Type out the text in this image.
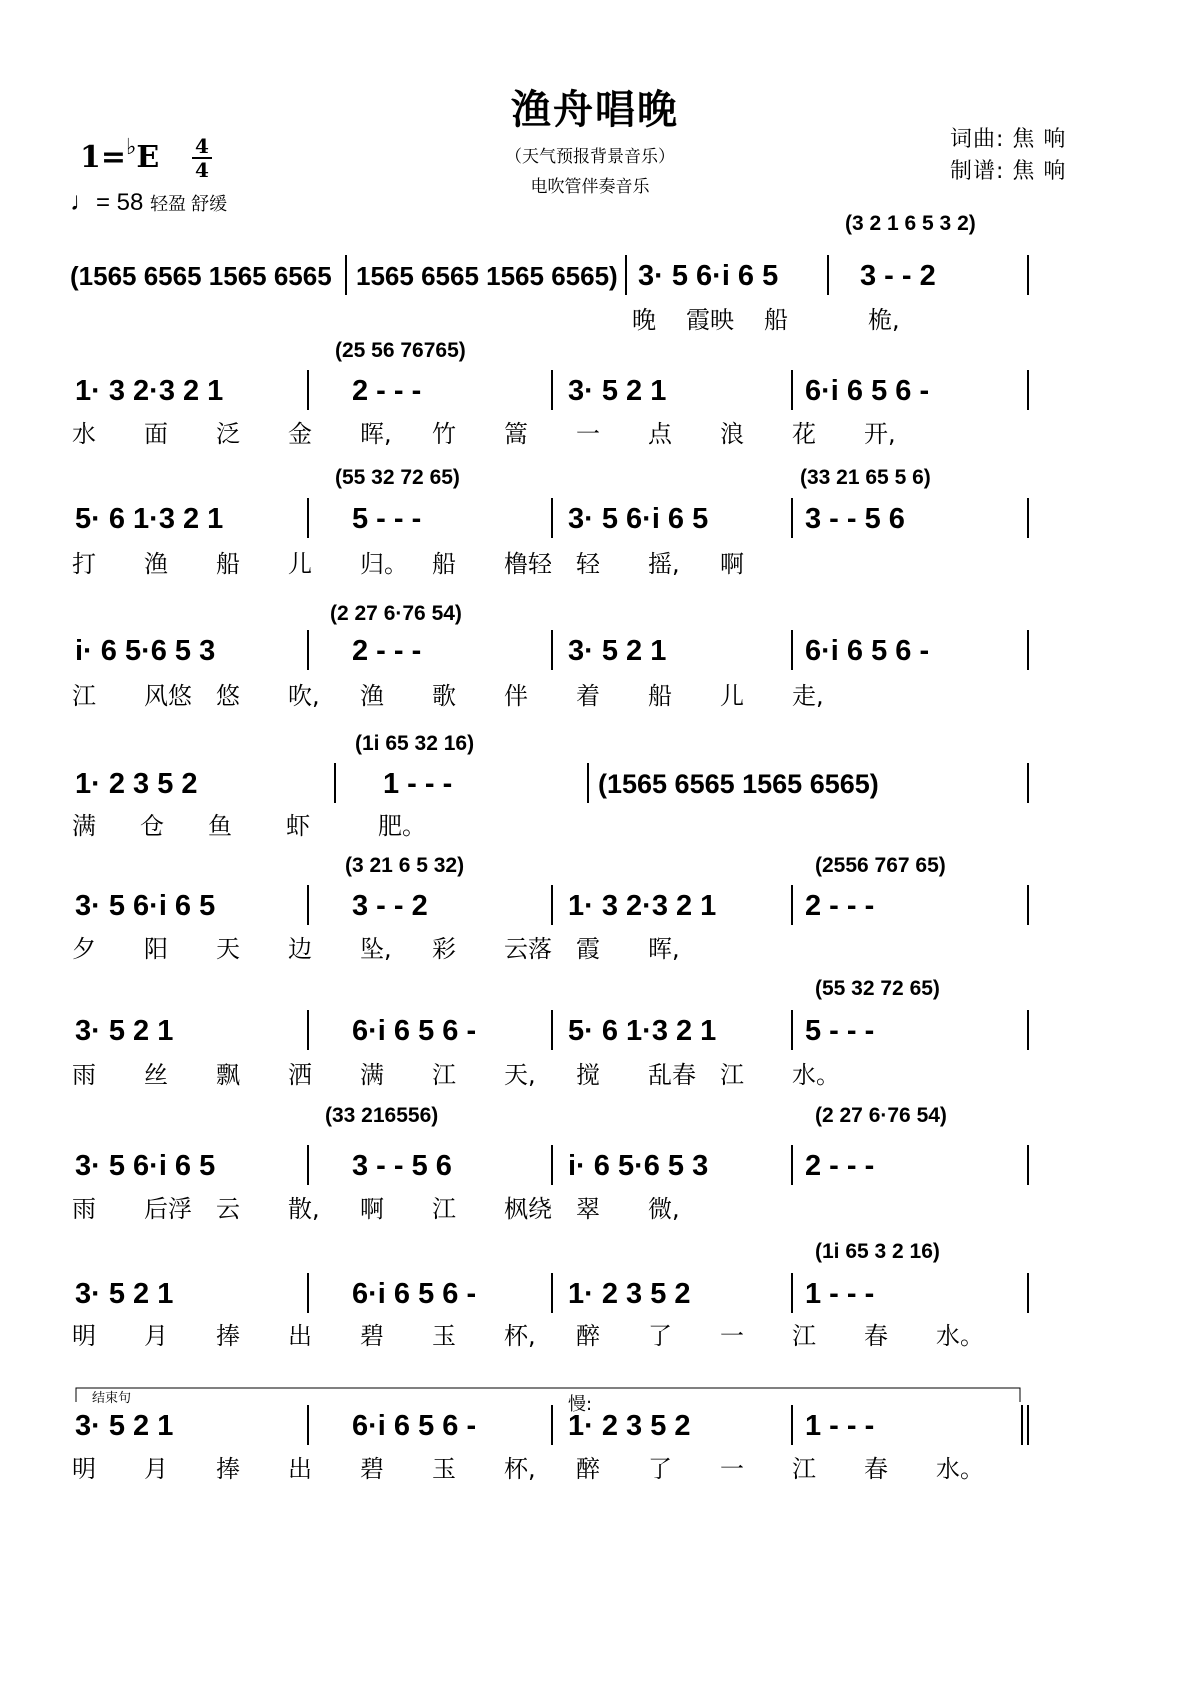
渔舟唱晚
1=♭E 4
4
♩= 58 轻盈 舒缓
（天气预报背景音乐）
电吹管伴奏音乐
词曲: 焦 响
制谱: 焦 响
(1565 6565 1565 6565 1565 6565 1565 6565) 3· 5 6·i 6 5	3 - - 2
(3 2 1 6 5 3 2)
晚 霞映 船	桅,
1· 3 2·3 2 1	2 - - -	3· 5 2 1	6·i 6 5 6 -
(25 56 76765)
水 面 泛 金 晖, 竹 篙 一 点 浪 花 开,
5· 6 1·3 2 1	5 - - -	3· 5 6·i 6 5	3 - - 5 6
(55 32 72 65)	(33 21 65 5 6)
打 渔 船 儿 归。 船 橹轻 轻 摇, 啊
i· 6 5·6 5 3	2 - - -	3· 5 2 1	6·i 6 5 6 -
(2 27 6·76 54)
江 风悠 悠 吹, 渔 歌 伴 着 船 儿 走,
1· 2 3 5 2	1 - - -	(1565 6565 1565 6565)
(1i 65 32 16)
满 仓 鱼 虾	肥。
3· 5 6·i 6 5	3 - - 2	1· 3 2·3 2 1	2 - - -
(3 21 6 5 32)	(2556 767 65)
夕 阳 天 边 坠, 彩 云落 霞 晖,
3· 5 2 1	6·i 6 5 6 -	5· 6 1·3 2 1	5 - - -
(55 32 72 65)
雨 丝 飘 洒 满 江 天, 搅 乱春 江 水。
3· 5 6·i 6 5	3 - - 5 6	i· 6 5·6 5 3	2 - - -
(33 216556)	(2 27 6·76 54)
雨 后浮 云 散, 啊 江 枫绕 翠 微,
3· 5 2 1	6·i 6 5 6 -	1· 2 3 5 2	1 - - -
(1i 65 3 2 16)
明 月 捧 出 碧 玉 杯, 醉 了 一 江 春 水。
3· 5 2 1	6·i 6 5 6 -	1· 2 3 5 2	1 - - -
明 月 捧 出 碧 玉 杯, 醉 了 一 江 春 水。
结束句	慢:
